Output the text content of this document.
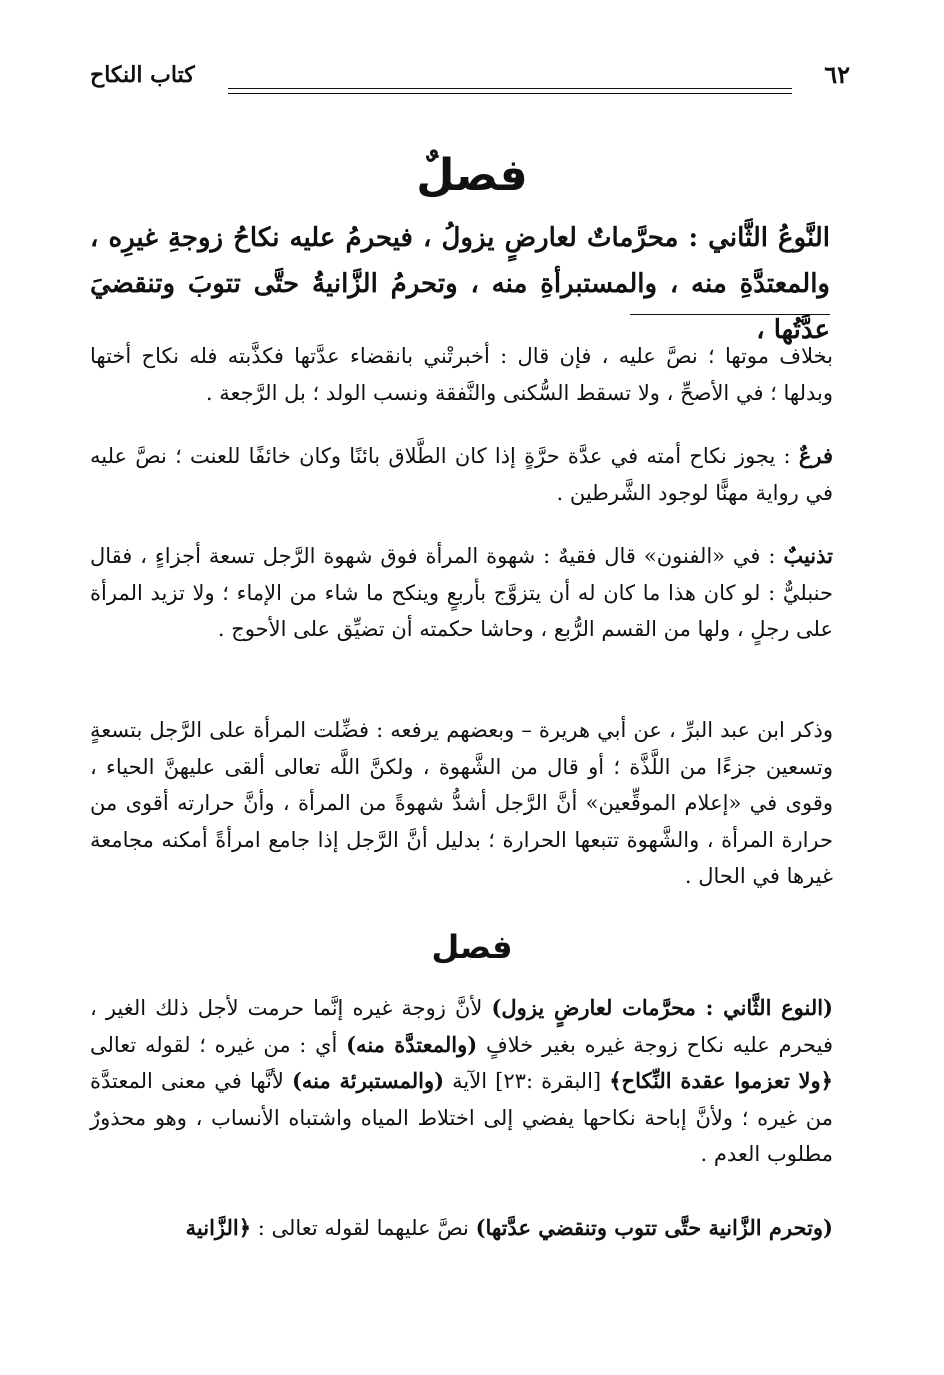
٦٢
كتاب النكاح
فصلٌ
النَّوعُ الثَّاني : محرَّماتٌ لعارضٍ يزولُ ، فيحرمُ عليه نكاحُ زوجةِ غيرِه ، والمعتدَّةِ منه ، والمستبرأةِ منه ، وتحرمُ الزَّانيةُ حتَّى تتوبَ وتنقضيَ عدَّتُها ،
بخلاف موتها ؛ نصَّ عليه ، فإن قال : أخبرتْني بانقضاء عدَّتها فكذَّبته فله نكاح أختها وبدلها ؛ في الأصحِّ ، ولا تسقط السُّكنى والنَّفقة ونسب الولد ؛ بل الرَّجعة .
فرعٌ : يجوز نكاح أمته في عدَّة حرَّةٍ إذا كان الطَّلاق بائنًا وكان خائفًا للعنت ؛ نصَّ عليه في رواية مهنًّا لوجود الشَّرطين .
تذنيبٌ : في «الفنون» قال فقيهٌ : شهوة المرأة فوق شهوة الرَّجل تسعة أجزاءٍ ، فقال حنبليٌّ : لو كان هذا ما كان له أن يتزوَّج بأربعٍ وينكح ما شاء من الإماء ؛ ولا تزيد المرأة على رجلٍ ، ولها من القسم الرُّبع ، وحاشا حكمته أن تضيِّق على الأحوج .
وذكر ابن عبد البرِّ ، عن أبي هريرة – وبعضهم يرفعه : فضِّلت المرأة على الرَّجل بتسعةٍ وتسعين جزءًا من اللَّذَّة ؛ أو قال من الشَّهوة ، ولكنَّ اللَّه تعالى ألقى عليهنَّ الحياء ، وقوى في «إعلام الموقِّعين» أنَّ الرَّجل أشدُّ شهوةً من المرأة ، وأنَّ حرارته أقوى من حرارة المرأة ، والشَّهوة تتبعها الحرارة ؛ بدليل أنَّ الرَّجل إذا جامع امرأةً أمكنه مجامعة غيرها في الحال .
فصل
(النوع الثَّاني : محرَّمات لعارضٍ يزول) لأنَّ زوجة غيره إنَّما حرمت لأجل ذلك الغير ، فيحرم عليه نكاح زوجة غيره بغير خلافٍ (والمعتدَّة منه) أي : من غيره ؛ لقوله تعالى ﴿ولا تعزموا عقدة النِّكاح﴾ [البقرة :٢٣] الآية (والمستبرئة منه) لأنَّها في معنى المعتدَّة من غيره ؛ ولأنَّ إباحة نكاحها يفضي إلى اختلاط المياه واشتباه الأنساب ، وهو محذورٌ مطلوب العدم .
(وتحرم الزَّانية حتَّى تتوب وتنقضي عدَّتها) نصَّ عليهما لقوله تعالى : ﴿الزَّانية
